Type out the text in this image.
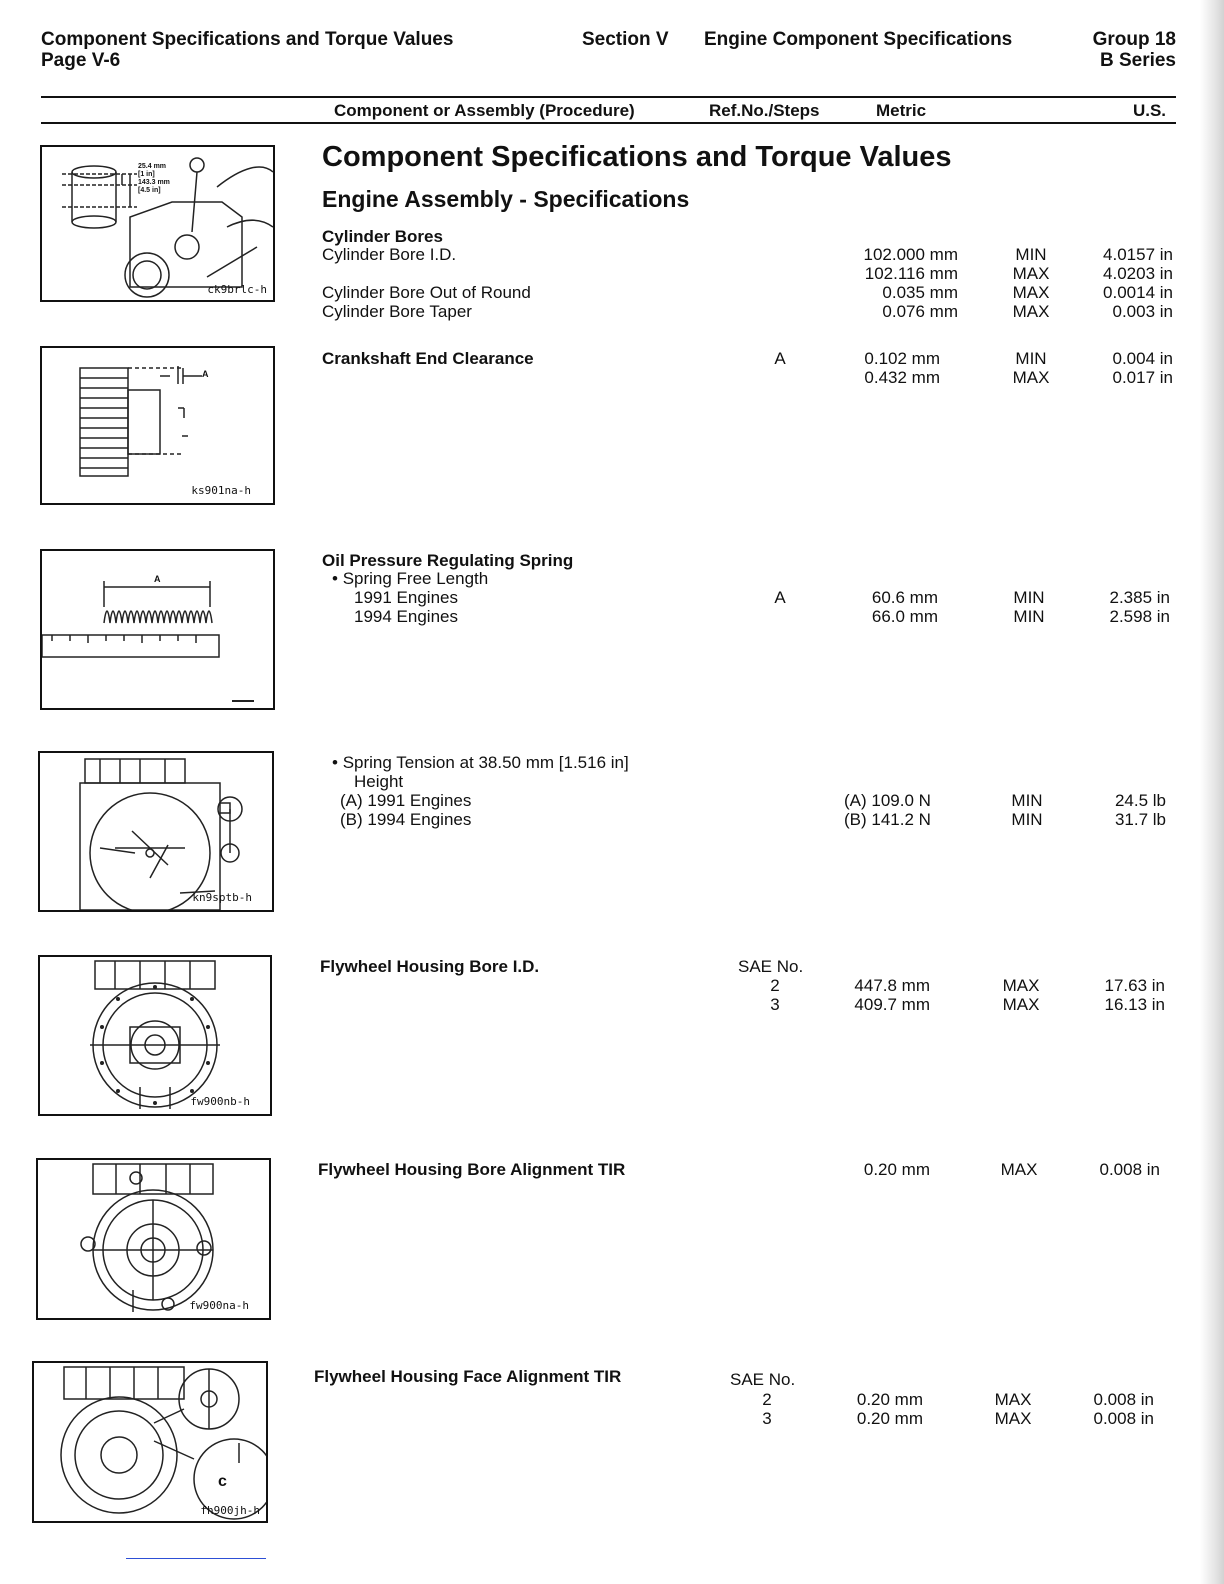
Component Specifications and Torque Values
Page V-6
Section V Engine Component Specifications	Group 18
B Series
Component or Assembly (Procedure)	Ref.No./Steps	Metric	U.S.
Component Specifications and Torque Values
Engine Assembly - Specifications
25.4 mm
[1 in]
143.3 mm
[4.5 in]
ck9brlc-h
Cylinder Bores
Cylinder Bore I.D.	102.000 mm	MIN	4.0157 in
102.116 mm	MAX	4.0203 in
Cylinder Bore Out of Round	0.035 mm	MAX	0.0014 in
Cylinder Bore Taper	0.076 mm	MAX	0.003 in
A
ks901na-h
Crankshaft End Clearance	A	0.102 mm	MIN	0.004 in
0.432 mm	MAX	0.017 in
A
Oil Pressure Regulating Spring
• Spring Free Length
1991 Engines	A	60.6 mm	MIN	2.385 in
1994 Engines	66.0 mm	MIN	2.598 in
kn9sptb-h
• Spring Tension at 38.50 mm [1.516 in]
Height
(A) 1991 Engines	(A) 109.0 N	MIN	24.5 lb
(B) 1994 Engines	(B) 141.2 N	MIN	31.7 lb
fw900nb-h
Flywheel Housing Bore I.D.	SAE No.
2	447.8 mm	MAX	17.63 in
3	409.7 mm	MAX	16.13 in
fw900na-h
Flywheel Housing Bore Alignment TIR	0.20 mm	MAX	0.008 in
c
fh900jh-h
Flywheel Housing Face Alignment TIR	SAE No.
2	0.20 mm	MAX	0.008 in
3	0.20 mm	MAX	0.008 in
